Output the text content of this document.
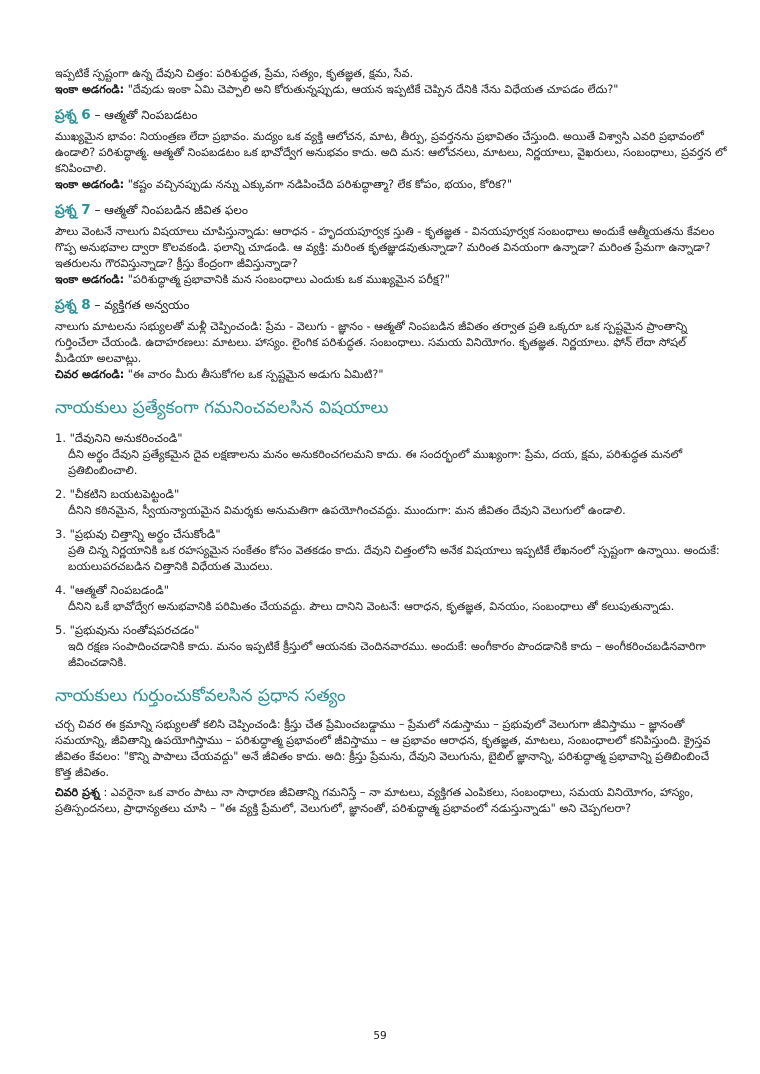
ఇప్పటికే స్పష్టంగా ఉన్న దేవుని చిత్తం: పరిశుద్ధత, ప్రేమ, సత్యం, కృతజ్ఞత, క్షమ, సేవ.

ఇంకా అడగండి: "దేవుడు ఇంకా ఏమి చెప్పాలి అని కోరుతున్నప్పుడు, ఆయన ఇప్పటికే చెప్పిన దేనికి నేను విధేయత చూపడం లేదు?"

ప్రశ్న 6 – ఆత్మతో నింపబడటం

ముఖ్యమైన భావం: నియంత్రణ లేదా ప్రభావం. మద్యం ఒక వ్యక్తి ఆలోచన, మాట, తీర్పు, ప్రవర్తనను ప్రభావితం చేస్తుంది. అయితే విశ్వాసి ఎవరి ప్రభావంలో ఉండాలి? పరిశుద్ధాత్మ. ఆత్మతో నింపబడటం ఒక భావోద్వేగ అనుభవం కాదు. అది మన: ఆలోచనలు, మాటలు, నిర్ణయాలు, వైఖరులు, సంబంధాలు, ప్రవర్తన లో కనిపించాలి.

ఇంకా అడగండి: "కష్టం వచ్చినప్పుడు నన్ను ఎక్కువగా నడిపించేది పరిశుద్ధాత్మా? లేక కోపం, భయం, కోరిక?"

ప్రశ్న 7 – ఆత్మతో నింపబడిన జీవిత ఫలం

పౌలు వెంటనే నాలుగు విషయాలు చూపిస్తున్నాడు: ఆరాధన - హృదయపూర్వక స్తుతి - కృతజ్ఞత - వినయపూర్వక సంబంధాలు అందుకే ఆత్మీయతను కేవలం గొప్ప అనుభవాల ద్వారా కొలవకండి. ఫలాన్ని చూడండి. ఆ వ్యక్తి: మరింత కృతజ్ఞుడవుతున్నాడా? మరింత వినయంగా ఉన్నాడా? మరింత ప్రేమగా ఉన్నాడా? ఇతరులను గౌరవిస్తున్నాడా? క్రీస్తు కేంద్రంగా జీవిస్తున్నాడా?

ఇంకా అడగండి: "పరిశుద్ధాత్మ ప్రభావానికి మన సంబంధాలు ఎందుకు ఒక ముఖ్యమైన పరీక్ష?"

ప్రశ్న 8 – వ్యక్తిగత అన్వయం

నాలుగు మాటలను సభ్యులతో మళ్లీ చెప్పించండి: ప్రేమ - వెలుగు - జ్ఞానం - ఆత్మతో నింపబడిన జీవితం తర్వాత ప్రతి ఒక్కరూ ఒక స్పష్టమైన ప్రాంతాన్ని గుర్తించేలా చేయండి. ఉదాహరణలు: మాటలు. హాస్యం. లైంగిక పరిశుద్ధత. సంబంధాలు. సమయ వినియోగం. కృతజ్ఞత. నిర్ణయాలు. ఫోన్ లేదా సోషల్ మీడియా అలవాట్లు.

చివర అడగండి: "ఈ వారం మీరు తీసుకోగల ఒక స్పష్టమైన అడుగు ఏమిటి?"

నాయకులు ప్రత్యేకంగా గమనించవలసిన విషయాలు
1. "దేవునిని అనుకరించండి"
దీని అర్థం దేవుని ప్రత్యేకమైన దైవ లక్షణాలను మనం అనుకరించగలమని కాదు. ఈ సందర్భంలో ముఖ్యంగా: ప్రేమ, దయ, క్షమ, పరిశుద్ధత మనలో ప్రతిబింబించాలి.
2. "చీకటిని బయటపెట్టండి"
దీనిని కఠినమైన, స్వీయన్యాయమైన విమర్శకు అనుమతిగా ఉపయోగించవద్దు. ముందుగా: మన జీవితం దేవుని వెలుగులో ఉండాలి.
3. "ప్రభువు చిత్తాన్ని అర్థం చేసుకోండి"
ప్రతి చిన్న నిర్ణయానికి ఒక రహస్యమైన సంకేతం కోసం వెతకడం కాదు. దేవుని చిత్తంలోని అనేక విషయాలు ఇప్పటికే లేఖనంలో స్పష్టంగా ఉన్నాయి. అందుకే: బయలుపరచబడిన చిత్తానికి విధేయత మొదలు.
4. "ఆత్మతో నింపబడండి"
దీనిని ఒకే భావోద్వేగ అనుభవానికి పరిమితం చేయవద్దు. పౌలు దానిని వెంటనే: ఆరాధన, కృతజ్ఞత, వినయం, సంబంధాలు తో కలుపుతున్నాడు.
5. "ప్రభువును సంతోషపరచడం"
ఇది రక్షణ సంపాదించడానికి కాదు. మనం ఇప్పటికే క్రీస్తులో ఆయనకు చెందినవారము. అందుకే: అంగీకారం పొందడానికి కాదు – అంగీకరించబడినవారిగా జీవించడానికి.
నాయకులు గుర్తుంచుకోవలసిన ప్రధాన సత్యం

చర్చ చివర ఈ క్రమాన్ని సభ్యులతో కలిసి చెప్పించండి: క్రీస్తు చేత ప్రేమించబడ్డాము – ప్రేమలో నడుస్తాము – ప్రభువులో వెలుగుగా జీవిస్తాము – జ్ఞానంతో సమయాన్ని, జీవితాన్ని ఉపయోగిస్తాము – పరిశుద్ధాత్మ ప్రభావంలో జీవిస్తాము – ఆ ప్రభావం ఆరాధన, కృతజ్ఞత, మాటలు, సంబంధాలలో కనిపిస్తుంది. క్రైస్తవ జీవితం కేవలం: "కొన్ని పాపాలు చేయవద్దు" అనే జీవితం కాదు. అది: క్రీస్తు ప్రేమను, దేవుని వెలుగును, బైబిల్ జ్ఞానాన్ని, పరిశుద్ధాత్మ ప్రభావాన్ని ప్రతిబింబించే కొత్త జీవితం.

చివరి ప్రశ్న : ఎవరైనా ఒక వారం పాటు నా సాధారణ జీవితాన్ని గమనిస్తే – నా మాటలు, వ్యక్తిగత ఎంపికలు, సంబంధాలు, సమయ వినియోగం, హాస్యం, ప్రతిస్పందనలు, ప్రాధాన్యతలు చూసి – "ఈ వ్యక్తి ప్రేమలో, వెలుగులో, జ్ఞానంతో, పరిశుద్ధాత్మ ప్రభావంలో నడుస్తున్నాడు" అని చెప్పగలరా?

59
